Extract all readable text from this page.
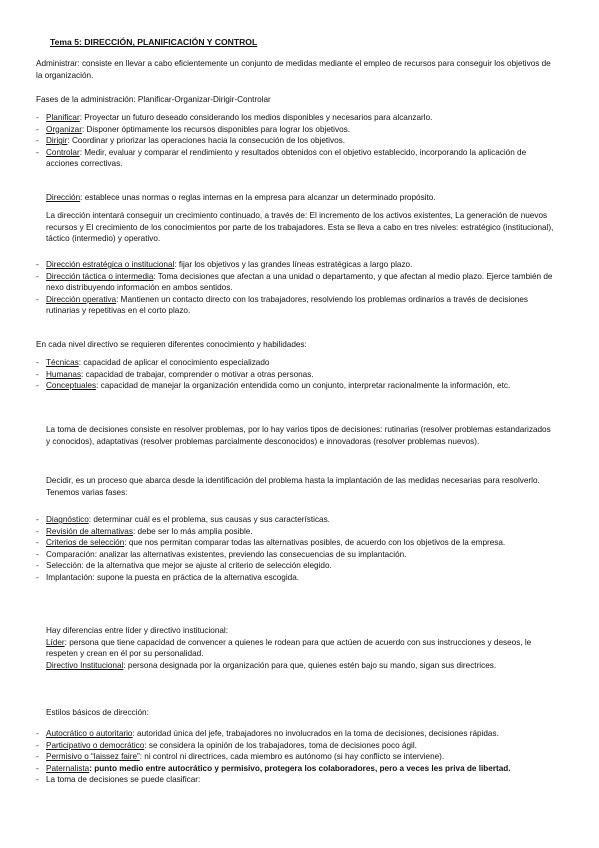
Tema 5: DIRECCIÓN, PLANIFICACIÓN Y CONTROL

Administrar: consiste en llevar a cabo eficientemente un conjunto de medidas mediante el empleo de recursos para conseguir los objetivos de la organización.

Fases de la administración: Planificar-Organizar-Dirigir-Controlar

- Planificar: Proyectar un futuro deseado considerando los medios disponibles y necesarios para alcanzarlo.

- Organizar: Disponer óptimamente los recursos disponibles para lograr los objetivos.

- Dirigir: Coordinar y priorizar las operaciones hacia la consecución de los objetivos.

- Controlar: Medir, evaluar y comparar el rendimiento y resultados obtenidos con el objetivo establecido, incorporando la aplicación de acciones correctivas.

Dirección: establece unas normas o reglas internas en la empresa para alcanzar un determinado propósito.

La dirección intentará conseguir un crecimiento continuado, a través de: El incremento de los activos existentes, La generación de nuevos recursos y El crecimiento de los conocimientos por parte de los trabajadores. Esta se lleva a cabo en tres niveles: estratégico (institucional), táctico (intermedio) y operativo.

- Dirección estratégica o institucional: fijar los objetivos y las grandes líneas estratégicas a largo plazo.

- Dirección táctica o intermedia: Toma decisiones que afectan a una unidad o departamento, y que afectan al medio plazo. Ejerce también de nexo distribuyendo información en ambos sentidos.

- Dirección operativa: Mantienen un contacto directo con los trabajadores, resolviendo los problemas ordinarios a través de decisiones rutinarias y repetitivas en el corto plazo.

En cada nivel directivo se requieren diferentes conocimiento y habilidades:

- Técnicas: capacidad de aplicar el conocimiento especializado

- Humanas: capacidad de trabajar, comprender o motivar a otras personas.

- Conceptuales: capacidad de manejar la organización entendida como un conjunto, interpretar racionalmente la información, etc.

La toma de decisiones consiste en resolver problemas, por lo hay varios tipos de decisiones: rutinarias (resolver problemas estandarizados y conocidos), adaptativas (resolver problemas parcialmente desconocidos) e innovadoras (resolver problemas nuevos).

Decidir, es un proceso que abarca desde la identificación del problema hasta la implantación de las medidas necesarias para resolverlo. Tenemos varias fases:

- Diagnóstico: determinar cuál es el problema, sus causas y sus características.

- Revisión de alternativas: debe ser lo más amplia posible.

- Criterios de selección: que nos permitan comparar todas las alternativas posibles, de acuerdo con los objetivos de la empresa.

- Comparación: analizar las alternativas existentes, previendo las consecuencias de su implantación.

- Selección: de la alternativa que mejor se ajuste al criterio de selección elegido.

- Implantación: supone la puesta en práctica de la alternativa escogida.

Hay diferencias entre líder y directivo institucional:

Líder: persona que tiene capacidad de convencer a quienes le rodean para que actúen de acuerdo con sus instrucciones y deseos, le respeten y crean en él por su personalidad.

Directivo Institucional: persona designada por la organización para que, quienes estén bajo su mando, sigan sus directrices.

Estilos básicos de dirección:

- Autocrático o autoritario: autoridad única del jefe, trabajadores no involucrados en la toma de decisiones, decisiones rápidas.

- Participativo o democrático: se considera la opinión de los trabajadores, toma de decisiones poco ágil.

- Permisivo o “laissez faire”: ni control ni directrices, cada miembro es autónomo (si hay conflicto se interviene).

- Paternalista: punto medio entre autocrático y permisivo, protegera los colaboradores, pero a veces les priva de libertad.

- La toma de decisiones se puede clasificar:
